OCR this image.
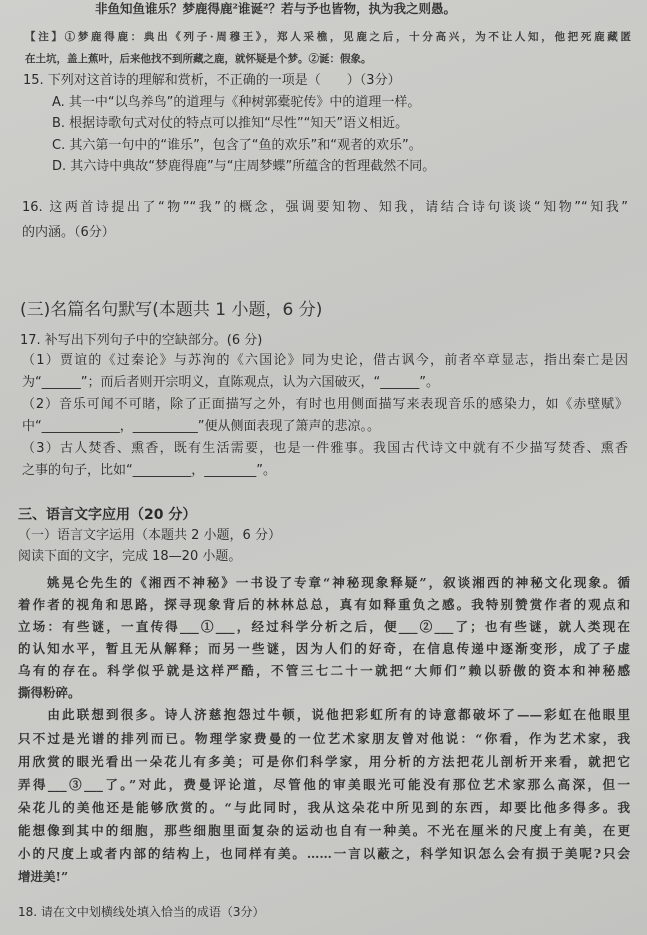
非鱼知鱼谁乐？梦鹿得鹿²谁诞²？若与予也皆物，执为我之则愚。
【注】①梦鹿得鹿：典出《列子·周穆王》，郑人采樵，见鹿之后，十分高兴，为不让人知，他把死鹿藏匿
在土坑，盖上蕉叶，后来他找不到所藏之鹿，就怀疑是个梦。②诞：假象。
15. 下列对这首诗的理解和赏析，不正确的一项是（　　）（3分）
A. 其一中“以鸟养鸟”的道理与《种树郭橐驼传》中的道理一样。
B. 根据诗歌句式对仗的特点可以推知“尽性”“知天”语义相近。
C. 其六第一句中的“谁乐”，包含了“鱼的欢乐”和“观者的欢乐”。
D. 其六诗中典故“梦鹿得鹿”与“庄周梦蝶”所蕴含的哲理截然不同。
16. 这两首诗提出了“物”“我”的概念，强调要知物、知我，请结合诗句谈谈“知物”“知我”
的内涵。（6分）
(三)名篇名句默写(本题共 1 小题，6 分)
17. 补写出下列句子中的空缺部分。(6 分)
（1）贾谊的《过秦论》与苏洵的《六国论》同为史论，借古讽今，前者卒章显志，指出秦亡是因
为“______”；而后者则开宗明义，直陈观点，认为六国破灭，“______”。
（2）音乐可闻不可睹，除了正面描写之外，有时也用侧面描写来表现音乐的感染力，如《赤壁赋》
中“____________，__________”便从侧面表现了箫声的悲凉。。
（3）古人焚香、熏香，既有生活需要，也是一件雅事。我国古代诗文中就有不少描写焚香、熏香
之事的句子，比如“_________，________”。
三、语言文字应用（20 分）
（一）语言文字运用（本题共 2 小题，6 分）
阅读下面的文字，完成 18—20 小题。
　　姚晃仑先生的《湘西不神秘》一书设了专章“神秘现象释疑”，叙谈湘西的神秘文化现象。循
着作者的视角和思路，探寻现象背后的林林总总，真有如释重负之感。我特别赞赏作者的观点和
立场：有些谜，一直传得___①___，经过科学分析之后，便___②___了；也有些谜，就人类现在
的认知水平，暂且无从解释；而另一些谜，因为人们的好奇，在信息传递中逐渐变形，成了子虚
乌有的存在。科学似乎就是这样严酷，不管三七二十一就把“大师们”赖以骄傲的资本和神秘感
撕得粉碎。
　　由此联想到很多。诗人济慈抱怨过牛顿，说他把彩虹所有的诗意都破坏了——彩虹在他眼里
只不过是光谱的排列而已。物理学家费曼的一位艺术家朋友曾对他说：“你看，作为艺术家，我
用欣赏的眼光看出一朵花儿有多美；可是你们科学家，用分析的方法把花儿剖析开来看，就把它
弄得___③___了。”对此，费曼评论道，尽管他的审美眼光可能没有那位艺术家那么高深，但一
朵花儿的美他还是能够欣赏的。“与此同时，我从这朵花中所见到的东西，却要比他多得多。我
能想像到其中的细胞，那些细胞里面复杂的运动也自有一种美。不光在厘米的尺度上有美，在更
小的尺度上或者内部的结构上，也同样有美。……一言以蔽之，科学知识怎么会有损于美呢?只会
增进美!”
18. 请在文中划横线处填入恰当的成语（3分）
